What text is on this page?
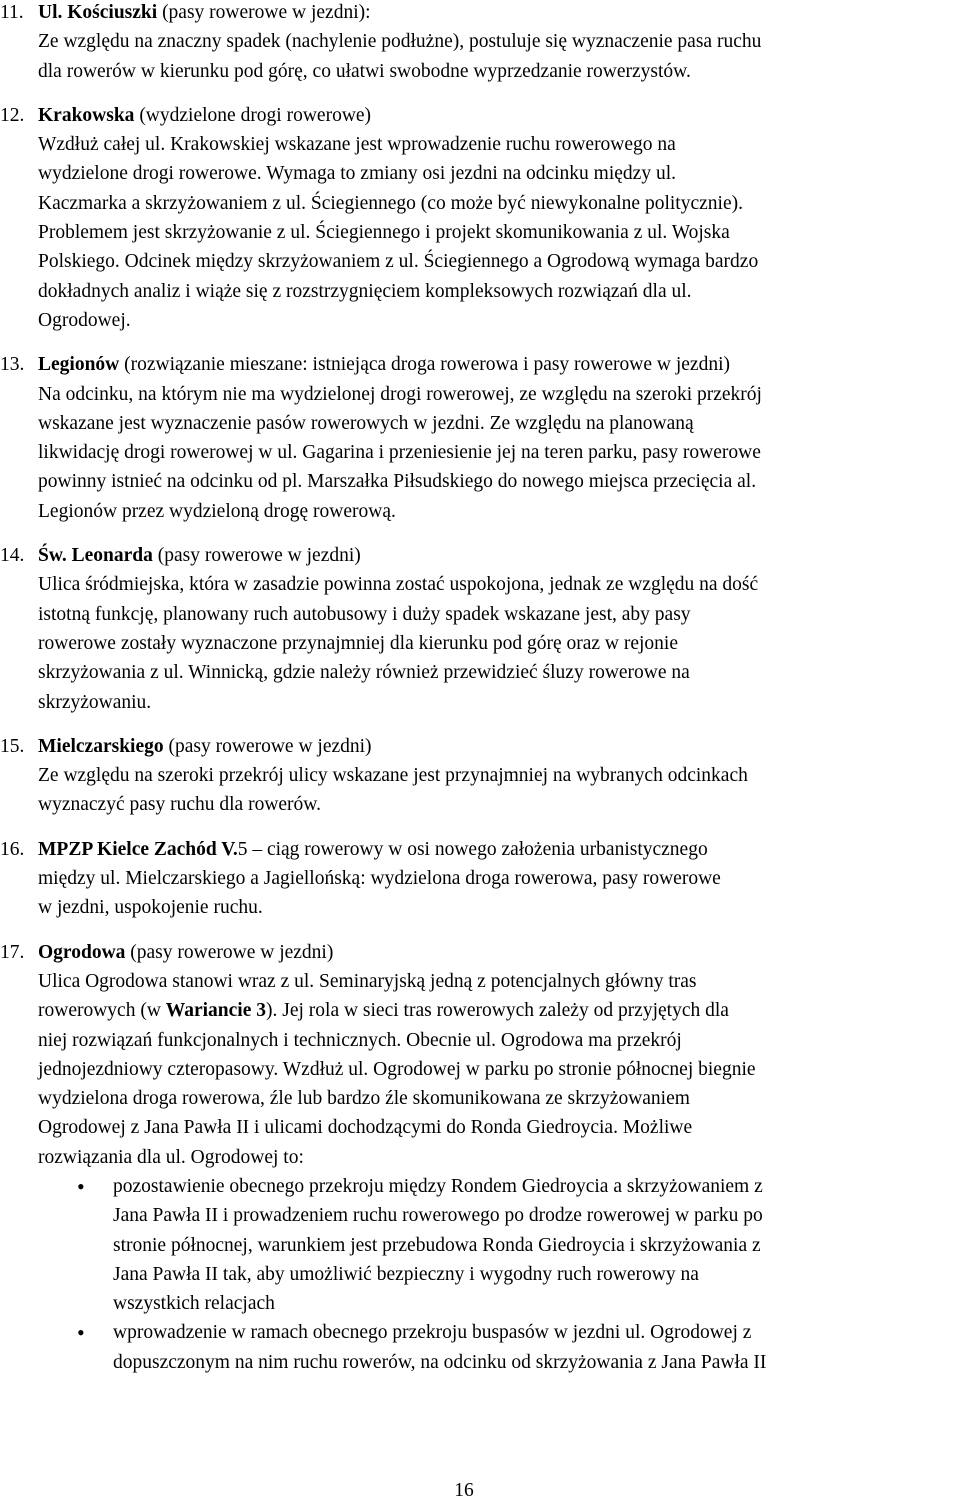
11. Ul. Kościuszki (pasy rowerowe w jezdni):
Ze względu na znaczny spadek (nachylenie podłużne), postuluje się wyznaczenie pasa ruchu
dla rowerów w kierunku pod górę, co ułatwi swobodne wyprzedzanie rowerzystów.
12. Krakowska (wydzielone drogi rowerowe)
Wzdłuż całej ul. Krakowskiej wskazane jest wprowadzenie ruchu rowerowego na
wydzielone drogi rowerowe. Wymaga to zmiany osi jezdni na odcinku między ul.
Kaczmarka a skrzyżowaniem z ul. Ściegiennego (co może być niewykonalne politycznie).
Problemem jest skrzyżowanie z ul. Ściegiennego i projekt skomunikowania z ul. Wojska
Polskiego. Odcinek między skrzyżowaniem z ul. Ściegiennego a Ogrodową wymaga bardzo
dokładnych analiz i wiąże się z rozstrzygnięciem kompleksowych rozwiązań dla ul.
Ogrodowej.
13. Legionów (rozwiązanie mieszane: istniejąca droga rowerowa i pasy rowerowe w jezdni)
Na odcinku, na którym nie ma wydzielonej drogi rowerowej, ze względu na szeroki przekrój
wskazane jest wyznaczenie pasów rowerowych w jezdni. Ze względu na planowaną
likwidację drogi rowerowej w ul. Gagarina i przeniesienie jej na teren parku, pasy rowerowe
powinny istnieć na odcinku od pl. Marszałka Piłsudskiego do nowego miejsca przecięcia al.
Legionów przez wydzieloną drogę rowerową.
14. Św. Leonarda (pasy rowerowe w jezdni)
Ulica śródmiejska, która w zasadzie powinna zostać uspokojona, jednak ze względu na dość
istotną funkcję, planowany ruch autobusowy i duży spadek wskazane jest, aby pasy
rowerowe zostały wyznaczone przynajmniej dla kierunku pod górę oraz w rejonie
skrzyżowania z ul. Winnicką, gdzie należy również przewidzieć śluzy rowerowe na
skrzyżowaniu.
15. Mielczarskiego (pasy rowerowe w jezdni)
Ze względu na szeroki przekrój ulicy wskazane jest przynajmniej na wybranych odcinkach
wyznaczyć pasy ruchu dla rowerów.
16. MPZP Kielce Zachód V.5 – ciąg rowerowy w osi nowego założenia urbanistycznego
między ul. Mielczarskiego a Jagiellońską: wydzielona droga rowerowa, pasy rowerowe
w jezdni, uspokojenie ruchu.
17. Ogrodowa (pasy rowerowe w jezdni)
Ulica Ogrodowa stanowi wraz z ul. Seminaryjską jedną z potencjalnych główny tras
rowerowych (w Wariancie 3). Jej rola w sieci tras rowerowych zależy od przyjętych dla
niej rozwiązań funkcjonalnych i technicznych. Obecnie ul. Ogrodowa ma przekrój
jednojezdniowy czteropasowy. Wzdłuż ul. Ogrodowej w parku po stronie północnej biegnie
wydzielona droga rowerowa, źle lub bardzo źle skomunikowana ze skrzyżowaniem
Ogrodowej z Jana Pawła II i ulicami dochodzącymi do Ronda Giedroycia. Możliwe
rozwiązania dla ul. Ogrodowej to:
• pozostawienie obecnego przekroju między Rondem Giedroycia a skrzyżowaniem z
Jana Pawła II i prowadzeniem ruchu rowerowego po drodze rowerowej w parku po
stronie północnej, warunkiem jest przebudowa Ronda Giedroycia i skrzyżowania z
Jana Pawła II tak, aby umożliwić bezpieczny i wygodny ruch rowerowy na
wszystkich relacjach
• wprowadzenie w ramach obecnego przekroju buspasów w jezdni ul. Ogrodowej z
dopuszczonym na nim ruchu rowerów, na odcinku od skrzyżowania z Jana Pawła II
16
